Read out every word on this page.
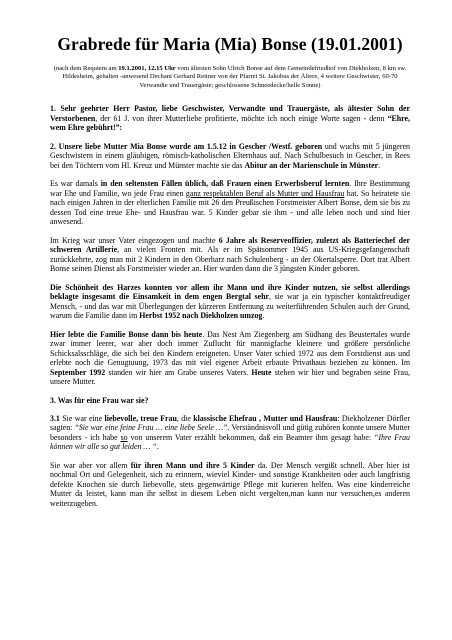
Grabrede für Maria (Mia) Bonse (19.01.2001)
(nach dem Requiem am 19.1.2001, 12.15 Uhr vom ältesten Sohn Ulrich Bonse auf dem Gemeindefriedhof von Diekholzen, 8 km sw. Hildesheim, gehalten -anwesend Dechant Gerhard Reitner von der Pfarrei St. Jakobus der Ältere, 4 weitere Geschwister, 60-70 Verwandte und Trauergäste; geschlossene Schneedecke/helle Sonne)

1. Sehr geehrter Herr Pastor, liebe Geschwister, Verwandte und Trauergäste, als ältester Sohn der Verstorbenen, der 61 J. von ihrer Mutterliebe profitierte, möchte ich noch einige Worte sagen - denn “Ehre, wem Ehre gebührt!”:

2. Unsere liebe Mutter Mia Bonse wurde am 1.5.12 in Gescher /Westf. geboren und wuchs mit 5 jüngeren Geschwistern in einem gläubigen, römisch-katholischen Elternhaus auf. Nach Schulbesuch in Gescher, in Rees bei den Töchtern vom Hl. Kreuz und Münster machte sie das Abitur an der Marienschule in Münster.

Es war damals in den seltensten Fällen üblich, daß Frauen einen Erwerbsberuf lernten. Ihre Bestimmung war Ehe und Familie, wo jede Frau einen ganz respektablen Beruf als Mutter und Hausfrau hat. So heiratete sie nach einigen Jahren in der elterlichen Familie mit 26 den Preußischen Forstmeister Albert Bonse, dem sie bis zu dessen Tod eine treue Ehe- und Hausfrau war. 5 Kinder gebar sie ihm - und alle leben noch und sind hier anwesend.

Im Krieg war unser Vater eingezogen und machte 6 Jahre als Reserveoffizier, zuletzt als Batteriechef der schweren Artillerie, an vielen Fronten mit. Als er im Spätsommer 1945 aus US-Kriegsgefangenschaft zurückkehrte, zog man mit 2 Kindern in den Oberharz nach Schulenberg - an der Okertalsperre. Dort trat Albert Bonse seinen Dienst als Forstmeister wieder an. Hier wurden dann die 3 jüngsten Kinder geboren.

Die Schönheit des Harzes konnten vor allem ihr Mann und ihre Kinder nutzen, sie selbst allerdings beklagte insgesamt die Einsamkeit in dem engen Bergtal sehr, sie war ja ein typischer kontaktfreudiger Mensch, - und das war mit Überlegungen der kürzeren Entfernung zu weiterführenden Schulen auch der Grund, warum die Familie dann im Herbst 1952 nach Diekholzen umzog.

Hier lebte die Familie Bonse dann bis heute. Das Nest Am Ziegenberg am Südhang des Beustertales wurde zwar immer leerer, war aber doch immer Zuflucht für mannigfache kleinere und größere persönliche Schicksalsschläge, die sich bei den Kindern ereigneten. Unser Vater schied 1972 aus dem Forstdienst aus und erlebte noch die Genugtuung, 1973 das mit viel eigener Arbeit erbaute Privathaus beziehen zu können. Im September 1992 standen wir hier am Grabe unseres Vaters. Heute stehen wir hier und begraben seine Frau, unsere Mutter.

3. Was für eine Frau war sie?

3.1 Sie war eine liebevolle, treue Frau, die klassische Ehefrau , Mutter und Hausfrau: Diekholzener Dörfler sagten: “Sie war eine feine Frau … eine liebe Seele …”. Verständnisvoll und gütig zuhören konnte unsere Mutter besonders - ich habe so von unserem Vater erzählt bekommen, daß ein Beamter ihm gesagt habe: “Ihre Frau können wir alle so gut leiden … “.

Sie war aber vor allem für ihren Mann und ihre 5 Kinder da. Der Mensch vergißt schnell. Aber hier ist nochmal Ort und Gelegenheit, sich zu erinnern, wieviel Kinder- und sonstige Krankheiten oder auch langfristig defekte Knochen sie durch liebevolle, stets gegenwärtige Pflege mit kurieren helfen. Was eine kinderreiche Mutter da leistet, kann man ihr selbst in diesem Leben nicht vergelten,man kann nur versuchen,es anderen weiterzugeben.
